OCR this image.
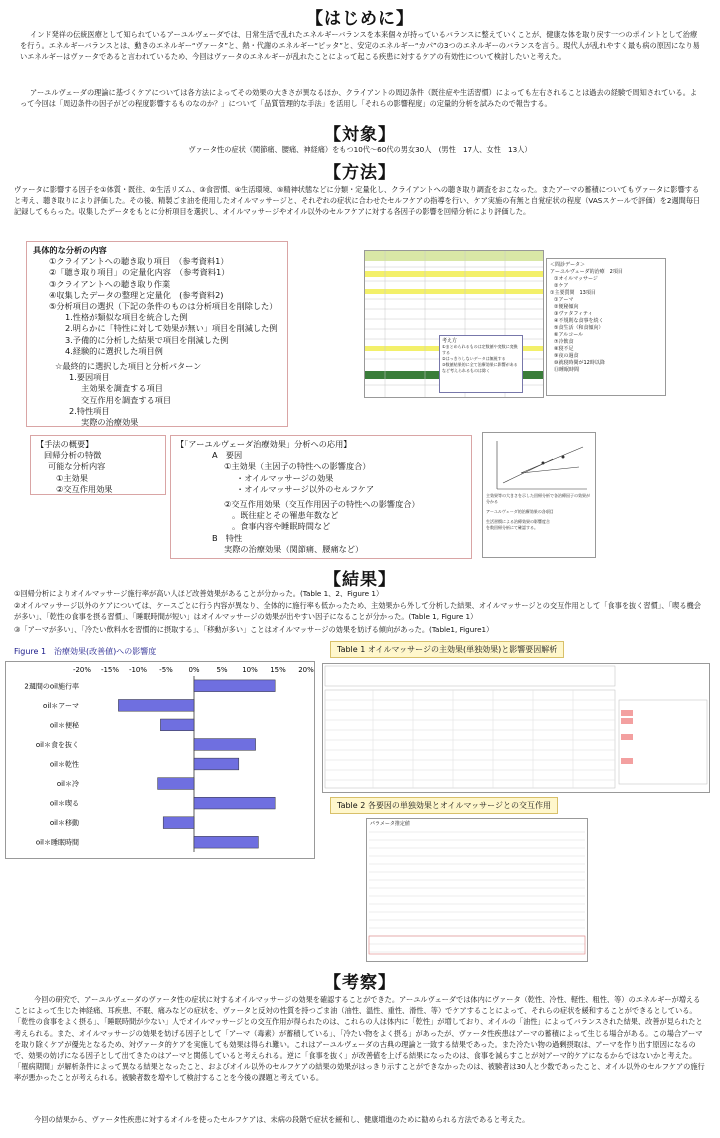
【はじめに】
インド発祥の伝統医療として知られているアーユルヴェーダでは、日常生活で乱れたエネルギーバランスを本来個々が持っているバランスに整えていくことが、健康な体を取り戻す一つのポイントとして治療を行う。エネルギーバランスとは、動きのエネルギー“ヴァータ”と、熱・代謝のエネルギー“ピッタ”と、安定のエネルギー“カパ”の3つのエネルギーのバランスを言う。現代人が乱れやすく最も病の原因になり易いエネルギーはヴァータであると言われているため、今回はヴァータのエネルギーが乱れたことによって起こる疾患に対するケアの有効性について検討したいと考えた。
アーユルヴェーダの理論に基づくケアについては各方法によってその効果の大きさが異なるほか、クライアントの周辺条件（既往症や生活習慣）によっても左右されることは過去の経験で周知されている。よって今回は「周辺条件の因子がどの程度影響するものなのか？」について「品質管理的な手法」を活用し「それらの影響程度」の定量的分析を試みたので報告する。
【対象】
ヴァータ性の症状（関節痛、腰痛、神経痛）をもつ10代〜60代の男女30人　(男性　17人、女性　13人）
【方法】
ヴァータに影響する因子を①体質・既往、②生活リズム、③食習慣、④生活環境、⑤精神状態などに分類・定量化し、クライアントへの聴き取り調査をおこなった。またアーマの蓄積についてもヴァータに影響すると考え、聴き取りにより評価した。その後、精製ごま油を使用したオイルマッサージと、それぞれの症状に合わせたセルフケアの指導を行い、ケア実施の有無と自覚症状の程度（VASスケールで評価）を2週間毎日記録してもらった。収集したデータをもとに分析項目を選択し、オイルマッサージやオイル以外のセルフケアに対する各因子の影響を回帰分析により評価した。
具体的な分析の内容
①クライアントへの聴き取り項目　（参考資料1）
②「聴き取り項目」の定量化内容　（参考資料1）
③クライアントへの聴き取り作業
④収集したデータの整理と定量化　(参考資料2)
⑤分析項目の選択（下記の条件のものは分析項目を削除した）
1.性格が類似な項目を統合した例
2.明らかに「特性に対して効果が無い」項目を削減した例
3.予備的に分析した結果で項目を削減した例
4.経験的に選択した項目例
☆最終的に選択した項目と分析パターン
1.要因項目
主効果を調査する項目
交互作用を調査する項目
2.特性項目
実際の治療効果
考え方
①まとめられるものは定数値や変数に変換する
②はっきりしないデータは無視する
③数値結果的に全て治療効果に影響があるなど考えられるものは除く
＜問診データ＞
アーユルヴェーダ的治療　2項目
①オイルマッサージ
②ケア
①主要質問　13項目
①アーマ
②便秘傾向
③ヴァタフィティ
④不規則な食事を続く
⑤食生活（和食傾向）
⑥アルコール
⑦冷飲食
⑧寝不足
⑨夜の過食
⑩就寝時間が12時以降
⑪睡眠時間
【手法の概要】
回帰分析の特徴
可能な分析内容
①主効果
②交互作用効果
【「アーユルヴェーダ治療効果」分析への応用】
A　要因
①主効果（主因子の特性への影響度合）
・オイルマッサージの効果
・オイルマッサージ以外のセルフケア
②交互作用効果（交互作用因子の特性への影響度合）
。既往症とその罹患年数など
。食事内容や睡眠時間など
B　特性
実際の治療効果（関節痛、腰痛など）
主効果等の大きさを示した回帰分析で各治療因子の効果が分かる
アーユルヴェーダ的治療効果の各項目
生活習慣による治療効果の影響度合
を数回帰分析にて確認する。
【結果】
①回帰分析によりオイルマッサージ施行率が高い人ほど改善効果があることが分かった。(Table 1、2、Figure 1）
②オイルマッサージ以外のケアについては、ケースごとに行う内容が異なり、全体的に施行率も低かったため、主効果から外して分析した結果、オイルマッサージとの交互作用として「食事を抜く習慣」、「喫る機会が多い」、「乾性の食事を摂る習慣」、「睡眠時間が短い」はオイルマッサージの効果が出やすい因子になることが分かった。(Table 1, Figure 1）
③「アーマが多い」、「冷たい飲料水を習慣的に摂取する」、「移動が多い」ことはオイルマッサージの効果を妨げる傾向があった。(Table1, Figure1）
Figure 1　治療効果(改善値)への影響度
-20% -15% -10% -5% 0% 5% 10% 15% 20%
2週間のoil施行率
oil＊アーマ
oil＊便秘
oil＊食を抜く
oil＊乾性
oil＊冷
oil＊喫る
oil＊移動
oil＊睡眠時間
Table 1 オイルマッサージの主効果(単独効果)と影響要因解析
Table 2 各要因の単独効果とオイルマッサージとの交互作用
パラメータ推定値
【考察】
今回の研究で、アーユルヴェーダのヴァータ性の症状に対するオイルマッサージの効果を確認することができた。アーユルヴェーダでは体内にヴァータ（乾性、冷性、軽性、粗性、等）のエネルギーが増えることによって生じた神経痛、耳疾患、不眠、痛みなどの症状を、ヴァータと反対の性質を持つごま油（油性、温性、重性、滑性、等）でケアすることによって、それらの症状を緩和することができるとしている。「乾性の食事をよく摂る」、「睡眠時間が少ない」人でオイルマッサージとの交互作用が得られたのは、これらの人は体内に「乾性」が増しており、オイルの「油性」によってバランスされた結果、改善が見られたと考えられる。また、オイルマッサージの効果を妨げる因子として「アーマ（毒素）が蓄積している」、「冷たい物をよく摂る」があったが、ヴァータ性疾患はアーマの蓄積によって生じる場合がある。この場合アーマを取り除くケアが優先となるため、対ヴァータ的ケアを実施しても効果は得られ難い。これはアーユルヴェーダの古典の理論と一致する結果であった。また冷たい物の過剰摂取は、アーマを作り出す原因になるので、効果の妨げになる因子として出てきたのはアーマと関係していると考えられる。逆に「食事を抜く」が改善値を上げる結果になったのは、食事を減らすことが対アーマ的ケアになるからではないかと考えた。「罹病期間」が解析条件によって異なる結果となったこと、およびオイル以外のセルフケアの結果の効果がはっきり示すことができなかったのは、被験者は30人と少数であったこと、オイル以外のセルフケアの施行率が悪かったことが考えられる。被験者数を増やして検討することを今後の課題と考えている。
今回の結果から、ヴァータ性疾患に対するオイルを使ったセルフケアは、未病の段階で症状を緩和し、健康増進のために勧められる方法であると考えた。
